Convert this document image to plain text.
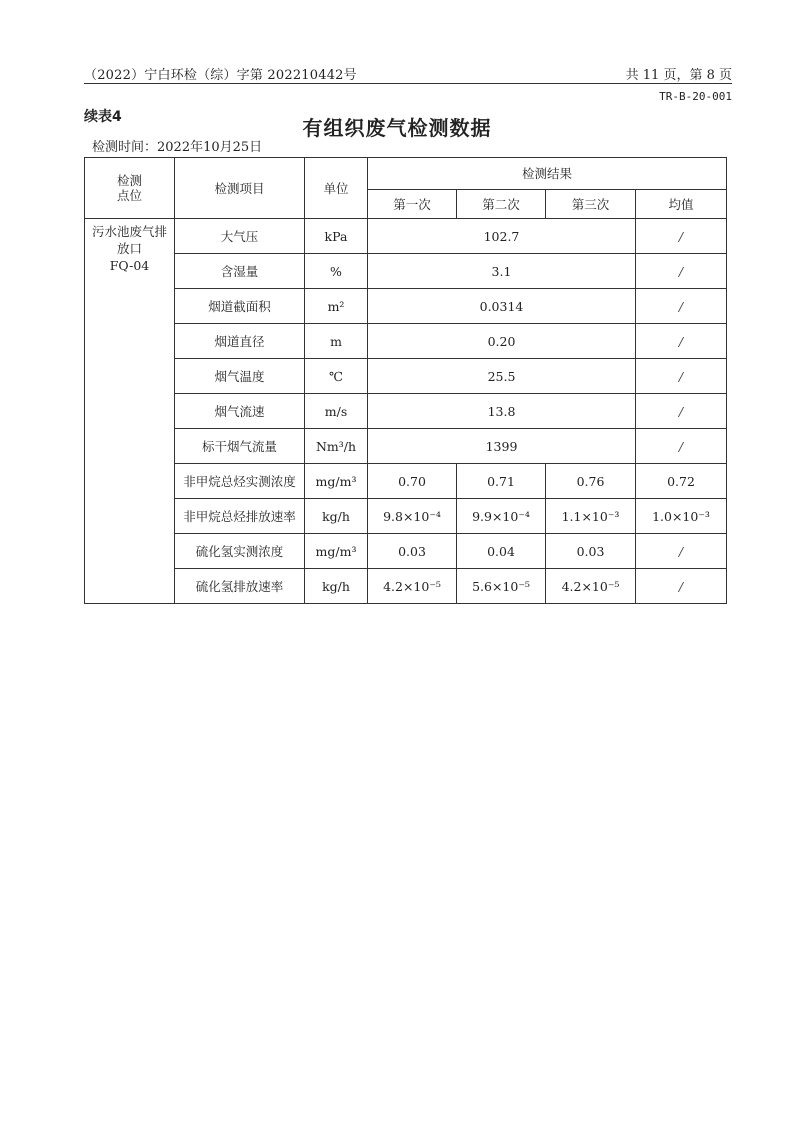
（2022）宁白环检（综）字第 202210442号	共 11 页，第 8 页
TR-B-20-001
续表4	有组织废气检测数据
检测时间：2022年10月25日
检测
点位	检测项目	单位	检测结果			
			第一次	第二次	第三次	均值
污水池废气排放口
FQ-04	大气压	kPa	102.7			/
	含湿量	%	3.1			/
	烟道截面积	m²	0.0314			/
	烟道直径	m	0.20			/
	烟气温度	℃	25.5			/
	烟气流速	m/s	13.8			/
	标干烟气流量	Nm³/h	1399			/
	非甲烷总烃实测浓度	mg/m³	0.70	0.71	0.76	0.72
	非甲烷总烃排放速率	kg/h	9.8×10⁻⁴	9.9×10⁻⁴	1.1×10⁻³	1.0×10⁻³
	硫化氢实测浓度	mg/m³	0.03	0.04	0.03	/
	硫化氢排放速率	kg/h	4.2×10⁻⁵	5.6×10⁻⁵	4.2×10⁻⁵	/
